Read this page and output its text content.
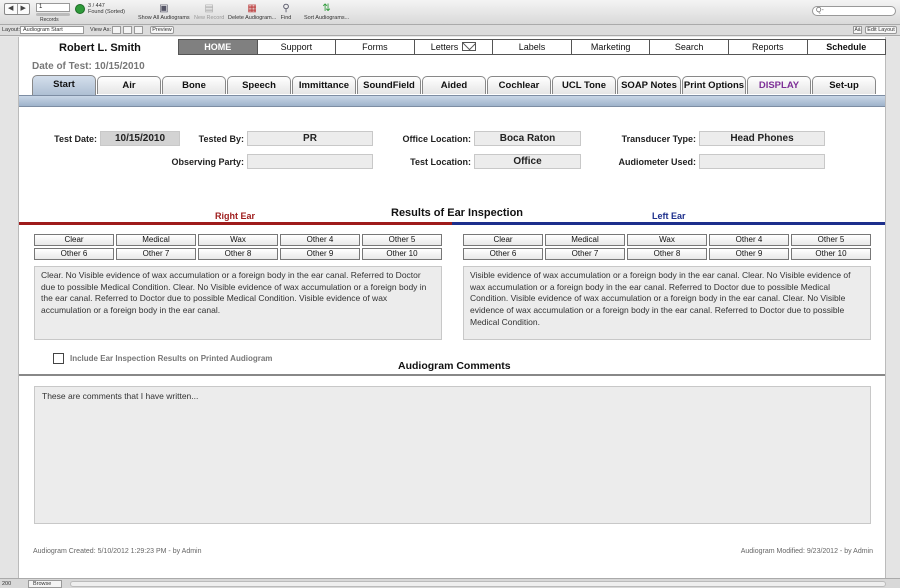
◀	▶	1
Records
3 / 447
Found (Sorted)	▣
Show All Audiograms
▤
New Record
▦
Delete Audiogram...
⚲
Find
⇅
Sort Audiograms...
Q-
Layout: Audiogram Start	View As:	Preview	Aá	Edit Layout
Robert L. Smith	HOME	Support	Forms	Letters	Labels	Marketing	Search	Reports	Schedule
Date of Test: 10/15/2010
Start	Air	Bone	Speech	Immittance	SoundField	Aided	Cochlear	UCL Tone	SOAP Notes Print Options	DISPLAY	Set-up
Test Date:	10/15/2010	Tested By:	PR
Observing Party:
Office Location:	Boca Raton
Test Location:	Office
Transducer Type:	Head Phones
Audiometer Used:
Right Ear	Results of Ear Inspection	Left Ear
Clear	Medical	Wax	Other 4	Other 5
Other 6	Other 7	Other 8	Other 9	Other 10
Clear	Medical	Wax	Other 4	Other 5
Other 6	Other 7	Other 8	Other 9	Other 10
Clear. No Visible evidence of wax accumulation or a foreign body in the ear canal. Referred to Doctor due to possible Medical Condition. Clear. No Visible evidence of wax accumulation or a foreign body in the ear canal. Referred to Doctor due to possible Medical Condition. Visible evidence of wax accumulation or a foreign body in the ear canal.
Visible evidence of wax accumulation or a foreign body in the ear canal. Clear. No Visible evidence of wax accumulation or a foreign body in the ear canal. Referred to Doctor due to possible Medical Condition. Visible evidence of wax accumulation or a foreign body in the ear canal. Clear. No Visible evidence of wax accumulation or a foreign body in the ear canal. Referred to Doctor due to possible Medical Condition.
Include Ear Inspection Results on Printed Audiogram
Audiogram Comments
These are comments that I have written...
Audiogram Created: 5/10/2012 1:29:23 PM - by Admin	Audiogram Modified: 9/23/2012 - by Admin
200	Browse
